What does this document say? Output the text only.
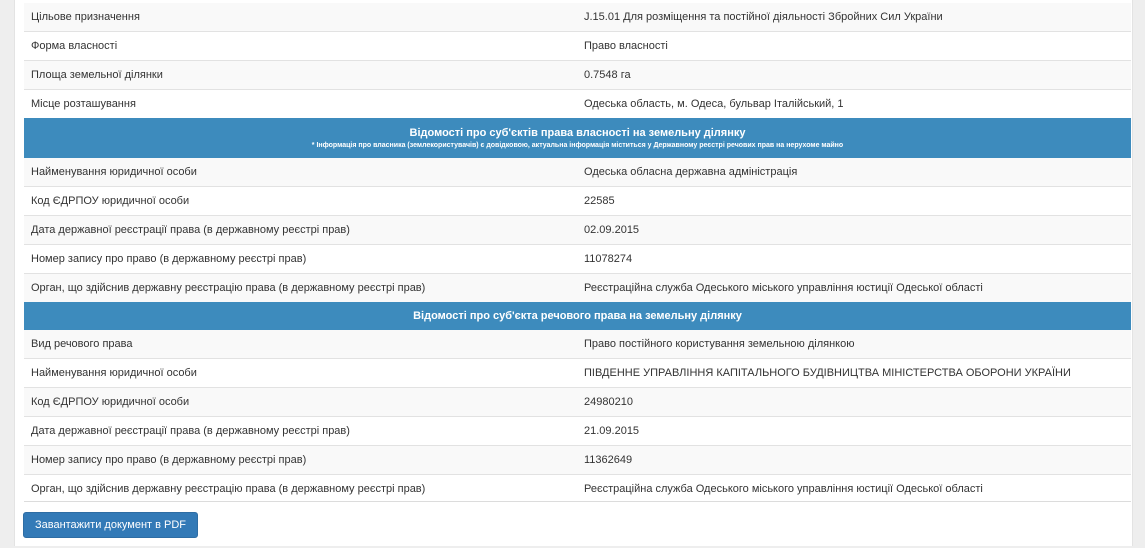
Цільове призначення	J.15.01 Для розміщення та постійної діяльності Збройних Сил України
Форма власності	Право власності
Площа земельної ділянки	0.7548 га
Місце розташування	Одеська область, м. Одеса, бульвар Італійський, 1
Відомості про суб'єктів права власності на земельну ділянку
* Інформація про власника (землекористувачів) є довідковою, актуальна інформація міститься у Державному реєстрі речових прав на нерухоме майно
Найменування юридичної особи	Одеська обласна державна адміністрація
Код ЄДРПОУ юридичної особи	22585
Дата державної реєстрації права (в державному реєстрі прав)	02.09.2015
Номер запису про право (в державному реєстрі прав)	11078274
Орган, що здійснив державну реєстрацію права (в державному реєстрі прав)	Реєстраційна служба Одеського міського управління юстиції Одеської області
Відомості про суб'єкта речового права на земельну ділянку
Вид речового права	Право постійного користування земельною ділянкою
Найменування юридичної особи	ПІВДЕННЕ УПРАВЛІННЯ КАПІТАЛЬНОГО БУДІВНИЦТВА МІНІСТЕРСТВА ОБОРОНИ УКРАЇНИ
Код ЄДРПОУ юридичної особи	24980210
Дата державної реєстрації права (в державному реєстрі прав)	21.09.2015
Номер запису про право (в державному реєстрі прав)	11362649
Орган, що здійснив державну реєстрацію права (в державному реєстрі прав)	Реєстраційна служба Одеського міського управління юстиції Одеської області
Завантажити документ в PDF
